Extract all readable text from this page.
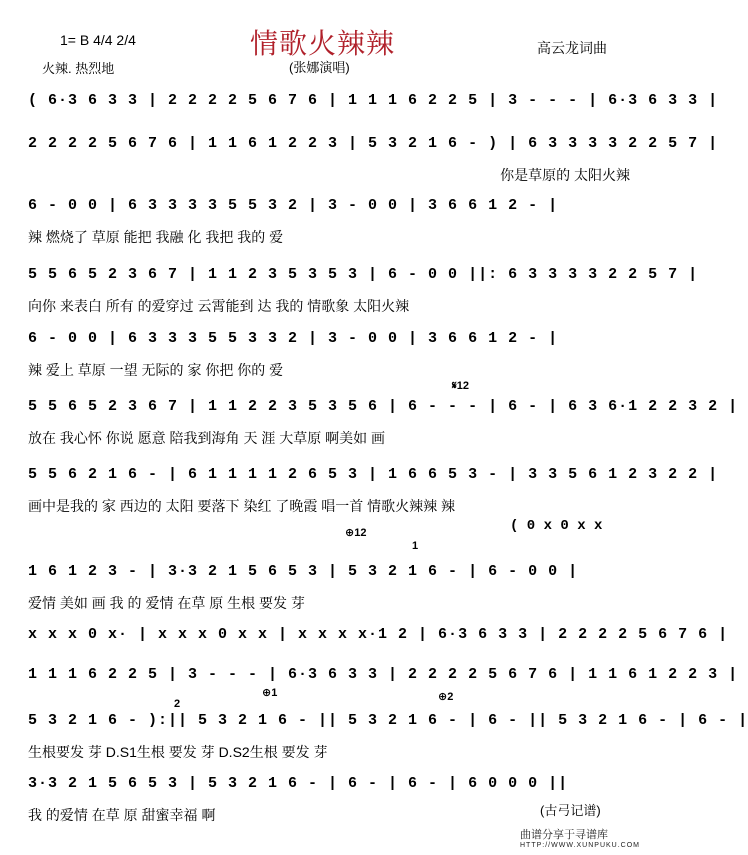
情歌火辣辣
1= B 4/4 2/4
火辣. 热烈地	(张娜演唱)
高云龙词曲
( 6·3 6 3 3 | 2 2 2 2 5 6 7 6 | 1 1 1 6 2 2 5 | 3 - - - | 6·3 6 3 3 |
2 2 2 2 5 6 7 6 | 1 1 6 1 2 2 3 | 5 3 2 1 6 - ) | 6 3 3 3 3 2 2 5 7 |
你是草原的 太阳火辣
6 - 0 0 | 6 3 3 3 3 5 5 3 2 | 3 - 0 0 | 3 6 6 1 2 - |
辣 燃烧了 草原 能把 我融 化 我把 我的 爱
5 5 6 5 2 3 6 7 | 1 1 2 3 5 3 5 3 | 6 - 0 0 ||: 6 3 3 3 3 2 2 5 7 |
向你 来表白 所有 的爱穿过 云霄能到 达 我的 情歌象 太阳火辣
6 - 0 0 | 6 3 3 3 5 5 3 3 2 | 3 - 0 0 | 3 6 6 1 2 - |
辣 爱上 草原 一望 无际的 家 你把 你的 爱
𝄋12
5 5 6 5 2 3 6 7 | 1 1 2 2 3 5 3 5 6 | 6 - - - | 6 - | 6 3 6·1 2 2 3 2 |
放在 我心怀 你说 愿意 陪我到海角 天 涯 大草原 啊美如 画
5 5 6 2 1 6 - | 6 1 1 1 1 2 6 5 3 | 1 6 6 5 3 - | 3 3 5 6 1 2 3 2 2 |
画中是我的 家 西边的 太阳 要落下 染红 了晚霞 唱一首 情歌火辣辣 辣
( 0 x 0 x x
⊕12
1
1 6 1 2 3 - | 3·3 2 1 5 6 5 3 | 5 3 2 1 6 - | 6 - 0 0 |
爱情 美如 画 我 的 爱情 在草 原 生根 要发 芽
x x x 0 x· | x x x 0 x x | x x x x·1 2 | 6·3 6 3 3 | 2 2 2 2 5 6 7 6 |
1 1 1 6 2 2 5 | 3 - - - | 6·3 6 3 3 | 2 2 2 2 5 6 7 6 | 1 1 6 1 2 2 3 |
2
⊕1	⊕2
5 3 2 1 6 - ):|| 5 3 2 1 6 - || 5 3 2 1 6 - | 6 - || 5 3 2 1 6 - | 6 - |
生根要发 芽 D.S1生根 要发 芽 D.S2生根 要发 芽
3·3 2 1 5 6 5 3 | 5 3 2 1 6 - | 6 - | 6 - | 6 0 0 0 ||
我 的爱情 在草 原 甜蜜幸福 啊	(古弓记谱)
曲谱分享于寻谱库
HTTP://WWW.XUNPUKU.COM
